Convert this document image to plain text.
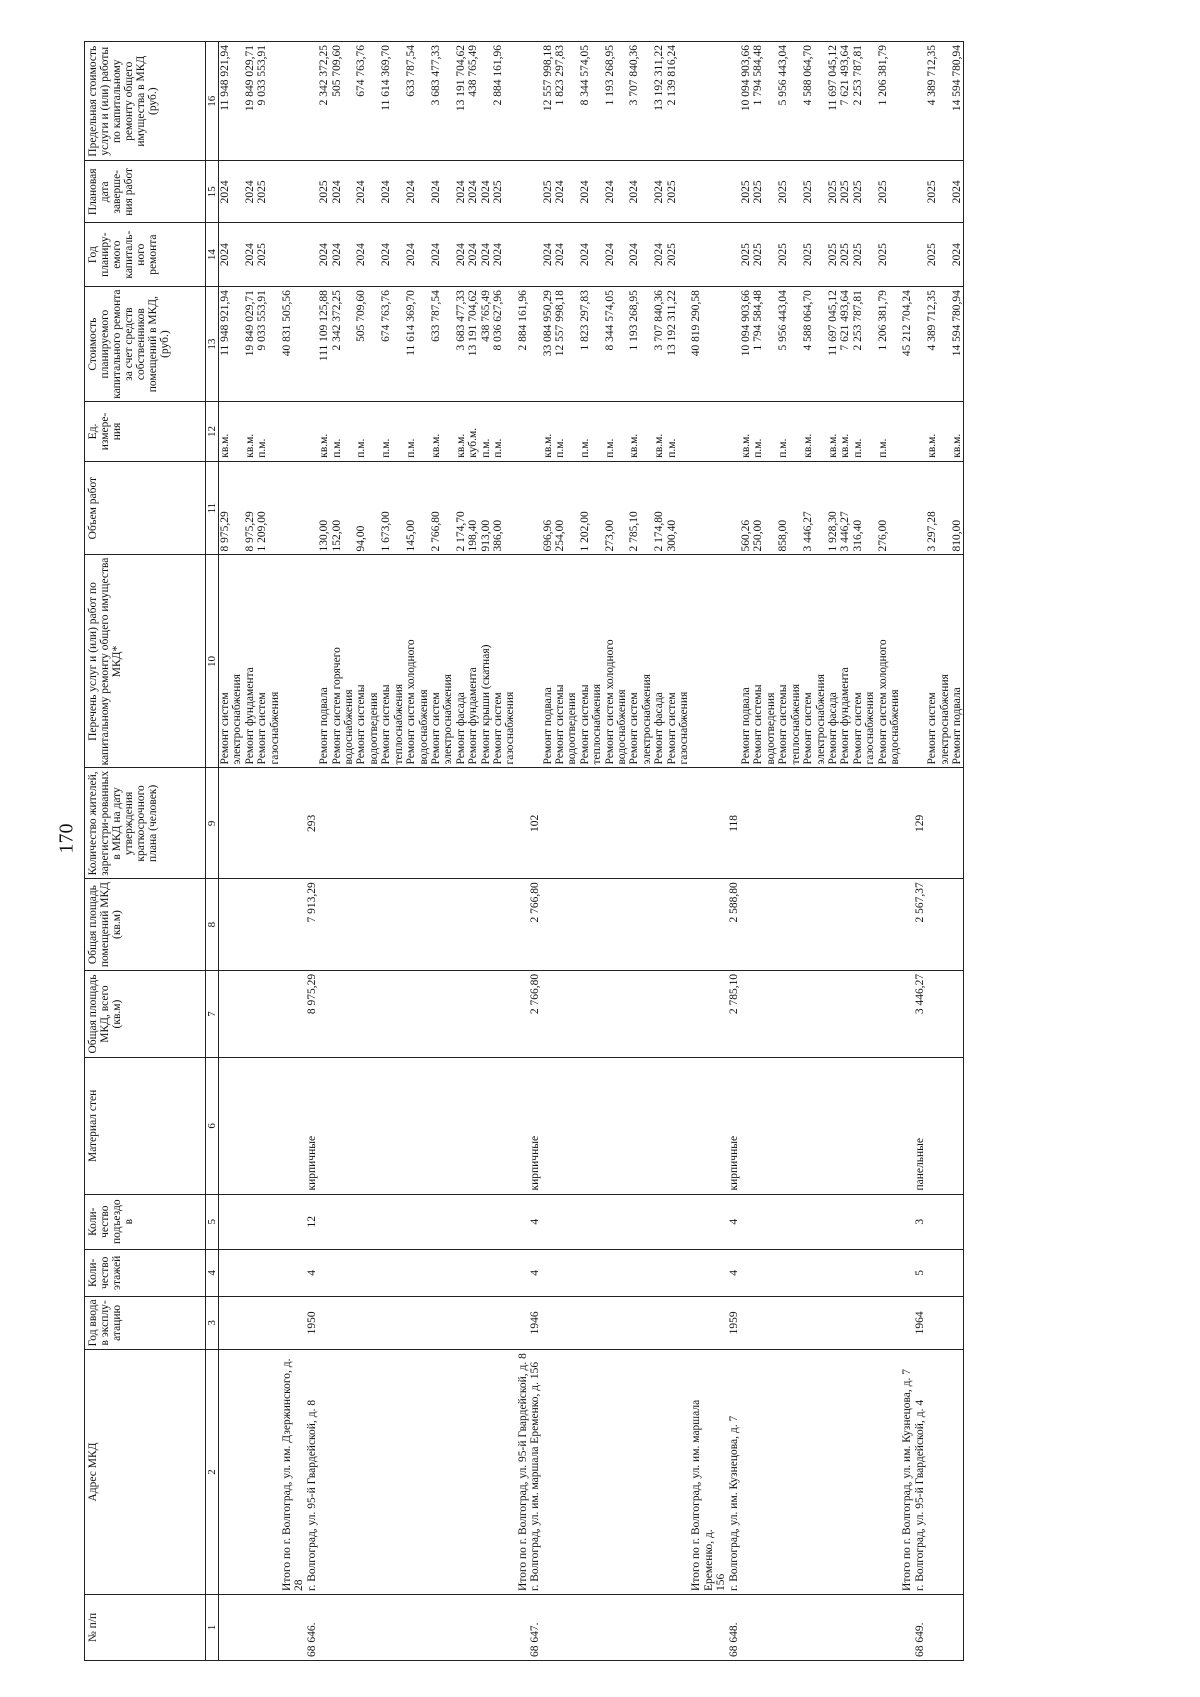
170
№ п/п	Адрес МКД	Год ввода в эксплу-атацию	Коли-чество этажей	Коли-чество подъездо в	Материал стен	Общая площадь МКД, всего (кв.м)	Общая площадь помещений МКД (кв.м)	Количество жителей, зарегистри-рованных в МКД на дату утверждения краткосрочного плана (человек)	Перечень услуг и (или) работ по капитальному ремонту общего имущества МКД*	Объем работ	Ед. измере-ния	Стоимость планируемого капитального ремонта за счет средств собственников помещений в МКД, (руб.)	Год планиру-емого капиталь-ного ремонта	Плановая дата заверше-ния работ	Предельная стоимость услуги и (или) работы по капитальному ремонту общего имущества в МКД (руб.)
1	2	3	4	5	6	7	8	9	10	11	12	13	14	15	16

									Ремонт систем электроснабжения	8 975,29	кв.м.	11 948 921,94	2024	2024	11 948 921,94

									Ремонт фундамента	8 975,29	кв.м.	19 849 029,71	2024	2024	19 849 029,71

									Ремонт систем газоснабжения	1 209,00	п.м.	9 033 553,91	2025	2025	9 033 553,91

	Итого по г. Волгоград, ул. им. Дзержинского, д. 28											40 831 505,56			
68 646.	г. Волгоград, ул. 95-й Гвардейской, д. 8	1950	4	12	кирпичные	8 975,29	7 913,29	293							

									Ремонт подвала	130,00	кв.м.	111 109 125,88	2024	2025	2 342 372,25

									Ремонт систем горячего водоснабжения	152,00	п.м.	2 342 372,25	2024	2024	505 709,60

									Ремонт системы водоотведения	94,00	п.м.	505 709,60	2024	2024	674 763,76

									Ремонт системы теплоснабжения	1 673,00	п.м.	674 763,76	2024	2024	11 614 369,70

									Ремонт систем холодного водоснабжения	145,00	п.м.	11 614 369,70	2024	2024	633 787,54

									Ремонт систем электроснабжения	2 766,80	кв.м.	633 787,54	2024	2024	3 683 477,33

									Ремонт фасада	2 174,70	кв.м.	3 683 477,33	2024	2024	13 191 704,62

									Ремонт фундамента	198,40	куб.м.	13 191 704,62	2024	2024	438 765,49

									Ремонт крыши (скатная)	913,00	п.м.	438 765,49	2024	2024	

									Ремонт систем газоснабжения	386,00	п.м.	8 036 627,96	2024	2025	2 884 161,96

	Итого по г. Волгоград, ул. 95-й Гвардейской, д. 8											2 884 161,96			
68 647.	г. Волгоград, ул. им. маршала Еременко, д. 156	1946	4	4	кирпичные	2 766,80	2 766,80	102							

									Ремонт подвала	696,96	кв.м.	33 084 950,29	2024	2025	12 557 998,18

									Ремонт системы водоотведения	254,00	п.м.	12 557 998,18	2024	2024	1 823 297,83

									Ремонт системы теплоснабжения	1 202,00	п.м.	1 823 297,83	2024	2024	8 344 574,05

									Ремонт систем холодного водоснабжения	273,00	п.м.	8 344 574,05	2024	2024	1 193 268,95

									Ремонт систем электроснабжения	2 785,10	кв.м.	1 193 268,95	2024	2024	3 707 840,36

									Ремонт фасада	2 174,80	кв.м.	3 707 840,36	2024	2024	13 192 311,22

									Ремонт систем газоснабжения	300,40	п.м.	13 192 311,22	2025	2025	2 139 816,24

	Итого по г. Волгоград, ул. им. маршала Еременко, д. 156											40 819 290,58			
68 648.	г. Волгоград, ул. им. Кузнецова, д. 7	1959	4	4	кирпичные	2 785,10	2 588,80	118							

									Ремонт подвала	560,26	кв.м.	10 094 903,66	2025	2025	10 094 903,66

									Ремонт системы водоотведения	250,00	п.м.	1 794 584,48	2025	2025	1 794 584,48

									Ремонт системы теплоснабжения	858,00	п.м.	5 956 443,04	2025	2025	5 956 443,04

									Ремонт систем электроснабжения	3 446,27	кв.м.	4 588 064,70	2025	2025	4 588 064,70

									Ремонт фасада	1 928,30	кв.м.	11 697 045,12	2025	2025	11 697 045,12

									Ремонт фундамента	3 446,27	кв.м.	7 621 493,64	2025	2025	7 621 493,64

									Ремонт систем газоснабжения	316,40	п.м.	2 253 787,81	2025	2025	2 253 787,81

									Ремонт систем холодного водоснабжения	276,00	п.м.	1 206 381,79	2025	2025	1 206 381,79

	Итого по г. Волгоград, ул. им. Кузнецова, д. 7											45 212 704,24			
68 649.	г. Волгоград, ул. 95-й Гвардейской, д. 4	1964	5	3	панельные	3 446,27	2 567,37	129							

									Ремонт систем электроснабжения	3 297,28	кв.м.	4 389 712,35	2025	2025	4 389 712,35

									Ремонт подвала	810,00	кв.м.	14 594 780,94	2024	2024	14 594 780,94
